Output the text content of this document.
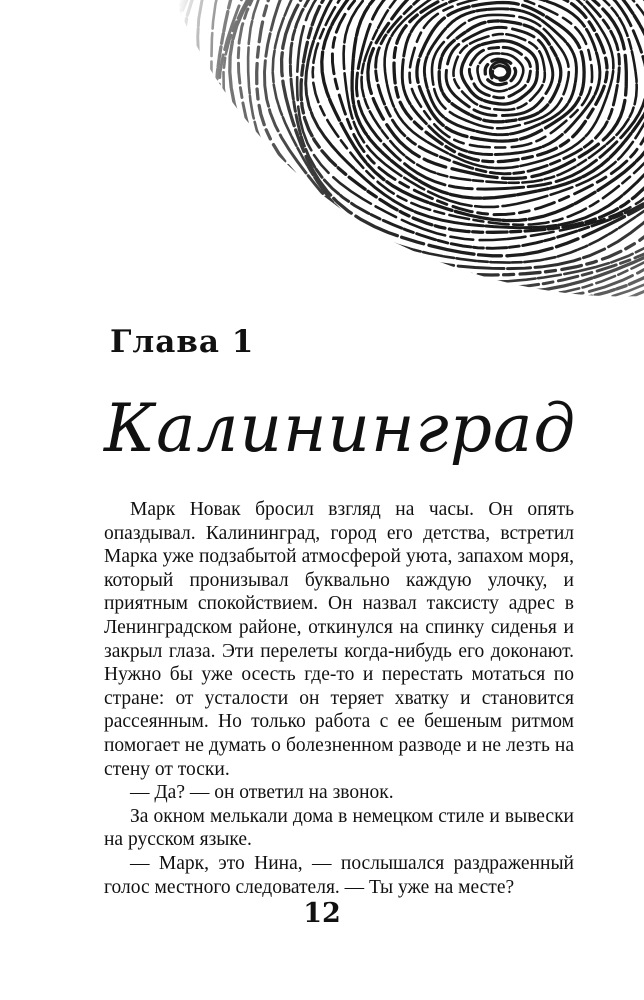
Глава 1
Калининград

Марк Новак бросил взгляд на часы. Он опять опаздывал. Калининград, город его детства, встретил Марка уже подзабытой атмосферой уюта, запахом моря, который пронизывал буквально каждую улочку, и приятным спокойствием. Он назвал таксисту адрес в Ленинградском районе, откинулся на спинку сиденья и закрыл глаза. Эти перелеты когда-нибудь его доконают. Нужно бы уже осесть где-то и перестать мотаться по стране: от усталости он теряет хватку и становится рассеянным. Но только работа с ее бешеным ритмом помогает не думать о болезненном разводе и не лезть на стену от тоски.

— Да? — он ответил на звонок.

За окном мелькали дома в немецком стиле и вывески на русском языке.

— Марк, это Нина, — послышался раздраженный голос местного следователя. — Ты уже на месте?

12
